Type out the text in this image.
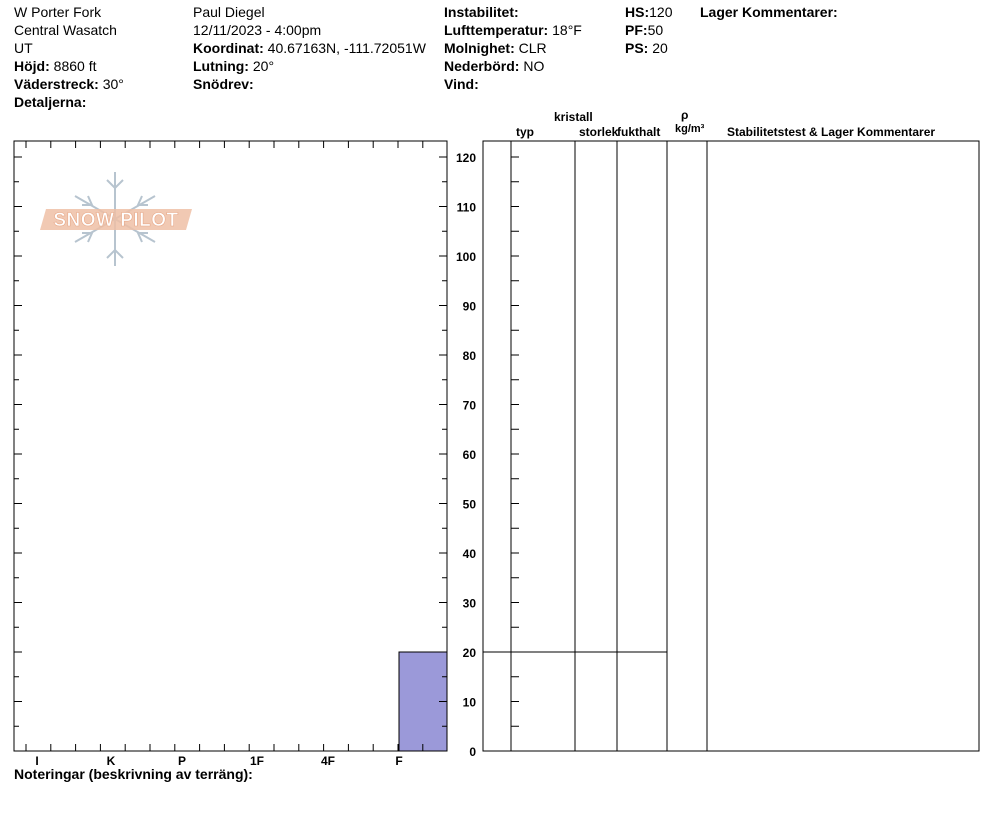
W Porter Fork
Central Wasatch
UT
Höjd: 8860 ft
Väderstreck: 30°
Detaljerna:
Paul Diegel
12/11/2023 - 4:00pm
Koordinat: 40.67163N, -111.72051W
Lutning: 20°
Snödrev:
Instabilitet:
Lufttemperatur: 18°F
Molnighet: CLR
Nederbörd: NO
Vind:
HS:120
PF:50
PS: 20
Lager Kommentarer:
typ
kristall
storlek
fukthalt
ρ
kg/m³ Stabilitetstest & Lager Kommentarer
SNOW PILOT
0
10
20
30
40
50
60
70
80
90
100
110
120
I	K	P	1F	4F	F
Noteringar (beskrivning av terräng):
